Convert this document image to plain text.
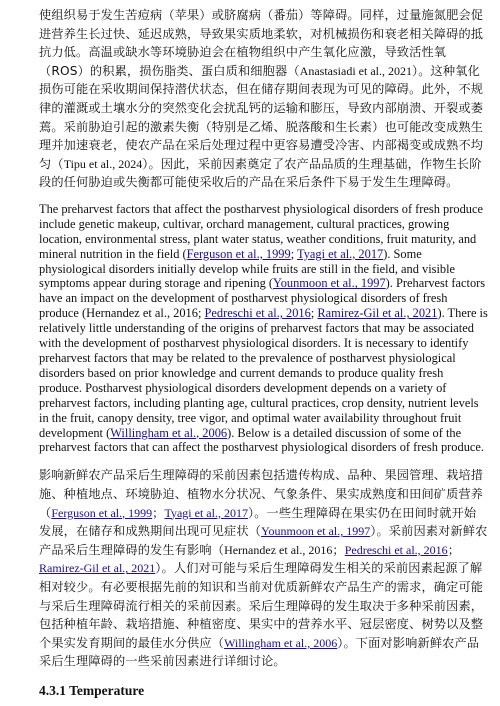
使组织易于发生苦痘病（苹果）或脐腐病（番茄）等障碍。同样，过量施氮肥会促进营养生长过快、延迟成熟，导致果实质地柔软，对机械损伤和衰老相关障碍的抵抗力低。高温或缺水等环境胁迫会在植物组织中产生氧化应激，导致活性氧（ROS）的积累，损伤脂类、蛋白质和细胞器（Anastasiadi et al., 2021）。这种氧化损伤可能在采收期间保持潜伏状态，但在储存期间表现为可见的障碍。此外，不规律的灌溉或土壤水分的突然变化会扰乱钙的运输和膨压，导致内部崩溃、开裂或萎蔫。采前胁迫引起的激素失衡（特别是乙烯、脱落酸和生长素）也可能改变成熟生理并加速衰老，使农产品在采后处理过程中更容易遭受冷害、内部褐变或成熟不均匀（Tipu et al., 2024）。因此，采前因素奠定了农产品品质的生理基础，作物生长阶段的任何胁迫或失衡都可能使采收后的产品在采后条件下易于发生生理障碍。

The preharvest factors that affect the postharvest physiological disorders of fresh produce include genetic makeup, cultivar, orchard management, cultural practices, growing location, environmental stress, plant water status, weather conditions, fruit maturity, and mineral nutrition in the field (Ferguson et al., 1999; Tyagi et al., 2017). Some physiological disorders initially develop while fruits are still in the field, and visible symptoms appear during storage and ripening (Younmoon et al., 1997). Preharvest factors have an impact on the development of postharvest physiological disorders of fresh produce (Hernandez et al., 2016; Pedreschi et al., 2016; Ramirez-Gil et al., 2021). There is relatively little understanding of the origins of preharvest factors that may be associated with the development of postharvest physiological disorders. It is necessary to identify preharvest factors that may be related to the prevalence of postharvest physiological disorders based on prior knowledge and current demands to produce quality fresh produce. Postharvest physiological disorders development depends on a variety of preharvest factors, including planting age, cultural practices, crop density, nutrient levels in the fruit, canopy density, tree vigor, and optimal water availability throughout fruit development (Willingham et al., 2006). Below is a detailed discussion of some of the preharvest factors that can affect the postharvest physiological disorders of fresh produce.

影响新鲜农产品采后生理障碍的采前因素包括遗传构成、品种、果园管理、栽培措施、种植地点、环境胁迫、植物水分状况、气象条件、果实成熟度和田间矿质营养（Ferguson et al., 1999；Tyagi et al., 2017）。一些生理障碍在果实仍在田间时就开始发展，在储存和成熟期间出现可见症状（Younmoon et al., 1997）。采前因素对新鲜农产品采后生理障碍的发生有影响（Hernandez et al., 2016；Pedreschi et al., 2016；Ramirez-Gil et al., 2021）。人们对可能与采后生理障碍发生相关的采前因素起源了解相对较少。有必要根据先前的知识和当前对优质新鲜农产品生产的需求，确定可能与采后生理障碍流行相关的采前因素。采后生理障碍的发生取决于多种采前因素，包括种植年龄、栽培措施、种植密度、果实中的营养水平、冠层密度、树势以及整个果实发育期间的最佳水分供应（Willingham et al., 2006）。下面对影响新鲜农产品采后生理障碍的一些采前因素进行详细讨论。

4.3.1 Temperature
